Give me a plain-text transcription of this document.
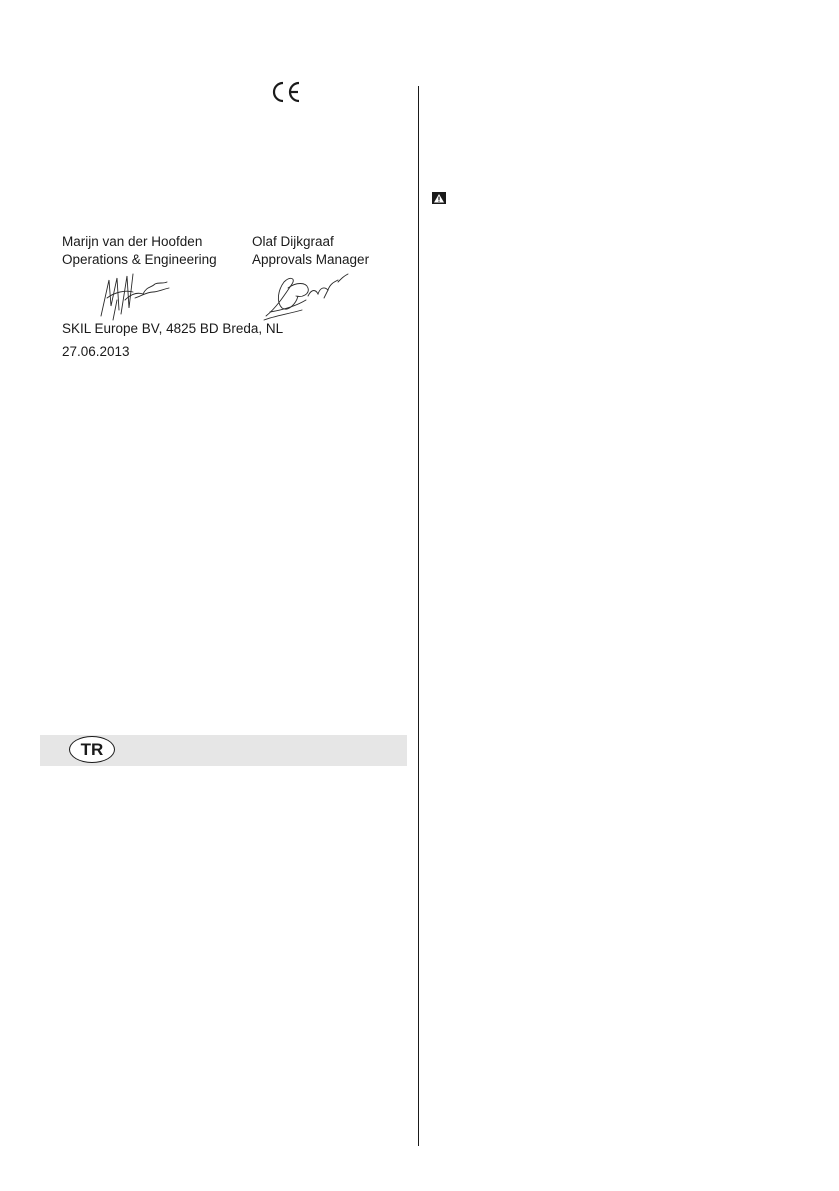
Marijn van der Hoofden
Operations & Engineering
Olaf Dijkgraaf
Approvals Manager
SKIL Europe BV, 4825 BD Breda, NL
27.06.2013
TR
